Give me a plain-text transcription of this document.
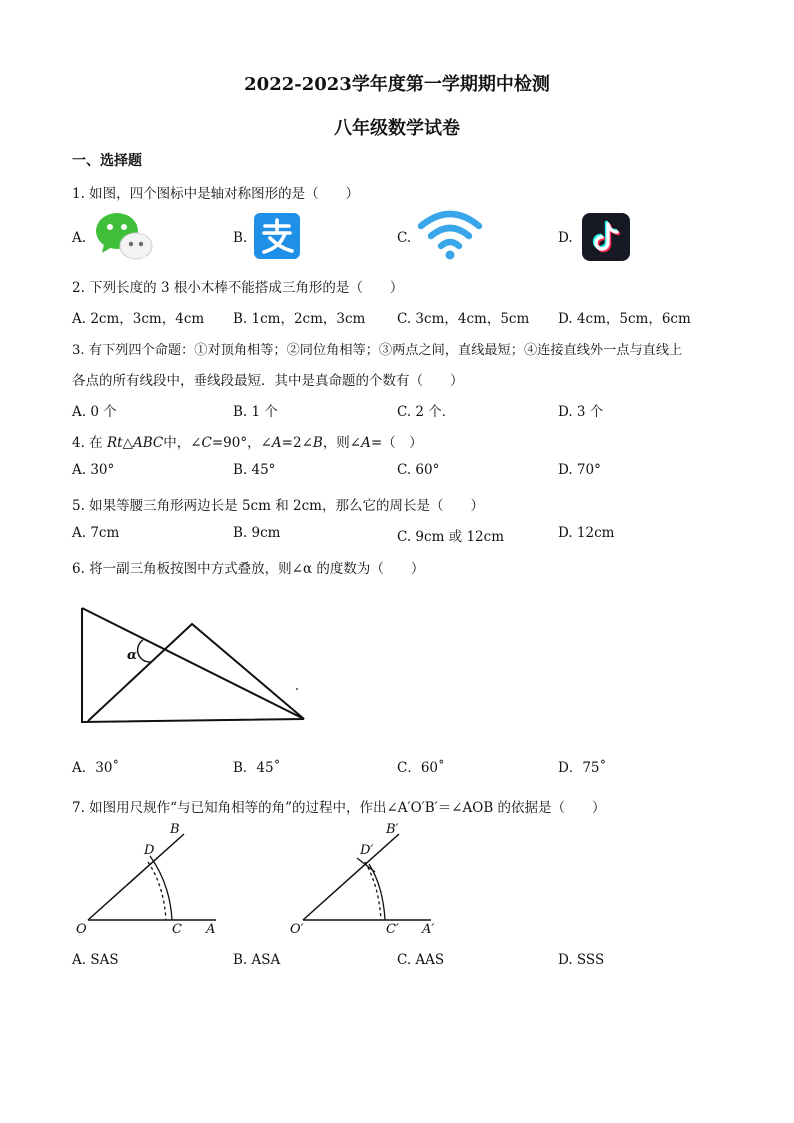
2022-2023学年度第一学期期中检测
八年级数学试卷
一、选择题
1. 如图，四个图标中是轴对称图形的是（　　）
A.	B.	C.	D.
2. 下列长度的 3 根小木棒不能搭成三角形的是（　　）
A. 2cm，3cm，4cm B. 1cm，2cm，3cm C. 3cm，4cm，5cm D. 4cm，5cm，6cm
3. 有下列四个命题：①对顶角相等；②同位角相等；③两点之间，直线最短；④连接直线外一点与直线上
各点的所有线段中，垂线段最短．其中是真命题的个数有（　　）
A. 0 个	B. 1 个	C. 2 个．	D. 3 个
4. 在 Rt△ABC中，∠C=90°，∠A=2∠B，则∠A=（　）
A. 30°	B. 45°	C. 60°	D. 70°
5. 如果等腰三角形两边长是 5cm 和 2cm，那么它的周长是（　　）
A. 7cm	B. 9cm	C. 9cm 或 12cm	D. 12cm
6. 将一副三角板按图中方式叠放，则∠α 的度数为（　　）
α
A．30˚	B．45˚	C．60˚	D．75˚
7. 如图用尺规作“与已知角相等的角”的过程中，作出∠A′O′B′＝∠AOB 的依据是（　　）
B
D
O	C A
B′
D′
O′	C′ A′
A. SAS	B. ASA	C. AAS	D. SSS
